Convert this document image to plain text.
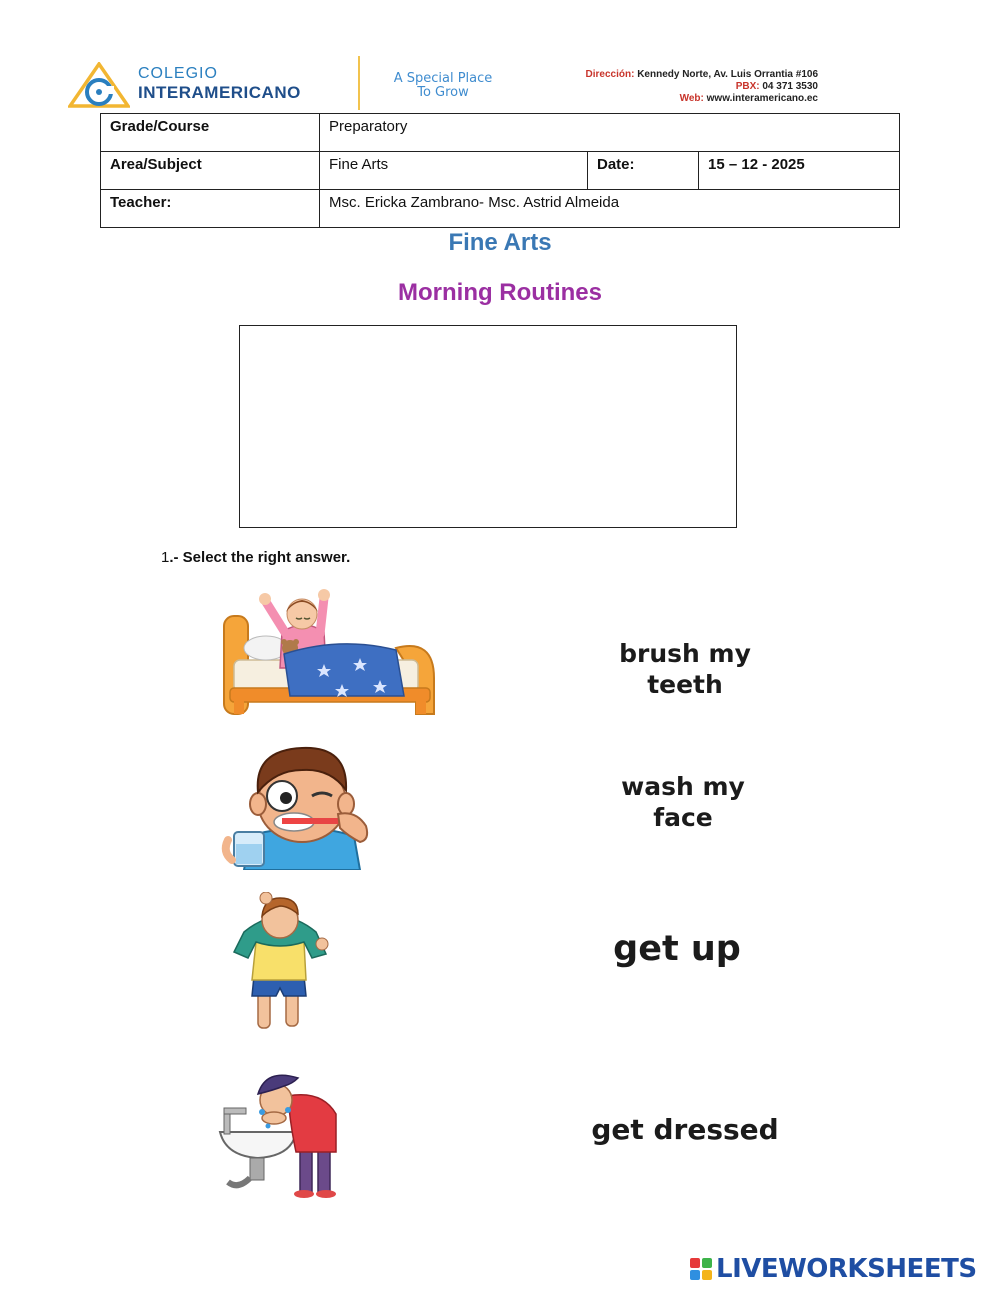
COLEGIO
INTERAMERICANO
A Special Place
To Grow
Dirección: Kennedy Norte, Av. Luis Orrantia #106
PBX: 04 371 3530
Web: www.interamericano.ec
Grade/Course	Preparatory		
Area/Subject	Fine Arts	Date:	15 – 12 - 2025
Teacher:	Msc. Ericka Zambrano- Msc. Astrid Almeida		
Fine Arts
Morning Routines
1.- Select the right answer.
brush my
teeth
wash my
face
get up
get dressed
LIVEWORKSHEETS
